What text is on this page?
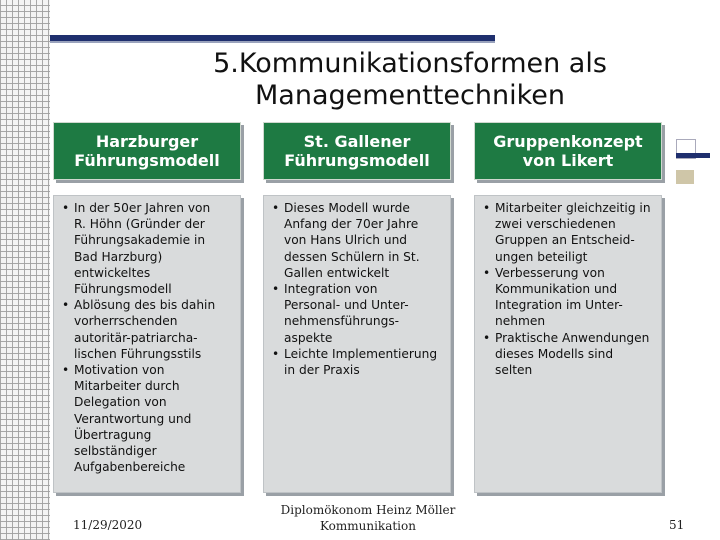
5.Kommunikationsformen als
Managementtechniken
Harzburger
Führungsmodell
• In der 50er Jahren von
R. Höhn (Gründer der
Führungsakademie in
Bad Harzburg)
entwickeltes
Führungsmodell
• Ablösung des bis dahin
vorherrschenden
autoritär-patriarcha-
lischen Führungsstils
• Motivation von
Mitarbeiter durch
Delegation von
Verantwortung und
Übertragung
selbständiger
Aufgabenbereiche
St. Gallener
Führungsmodell
• Dieses Modell wurde
Anfang der 70er Jahre
von Hans Ulrich und
dessen Schülern in St.
Gallen entwickelt
• Integration von
Personal- und Unter-
nehmensführungs-
aspekte
• Leichte Implementierung
in der Praxis
Gruppenkonzept
von Likert
• Mitarbeiter gleichzeitig in
zwei verschiedenen
Gruppen an Entscheid-
ungen beteiligt
• Verbesserung von
Kommunikation und
Integration im Unter-
nehmen
• Praktische Anwendungen
dieses Modells sind
selten
11/29/2020
Diplomökonom Heinz Möller
Kommunikation	51
